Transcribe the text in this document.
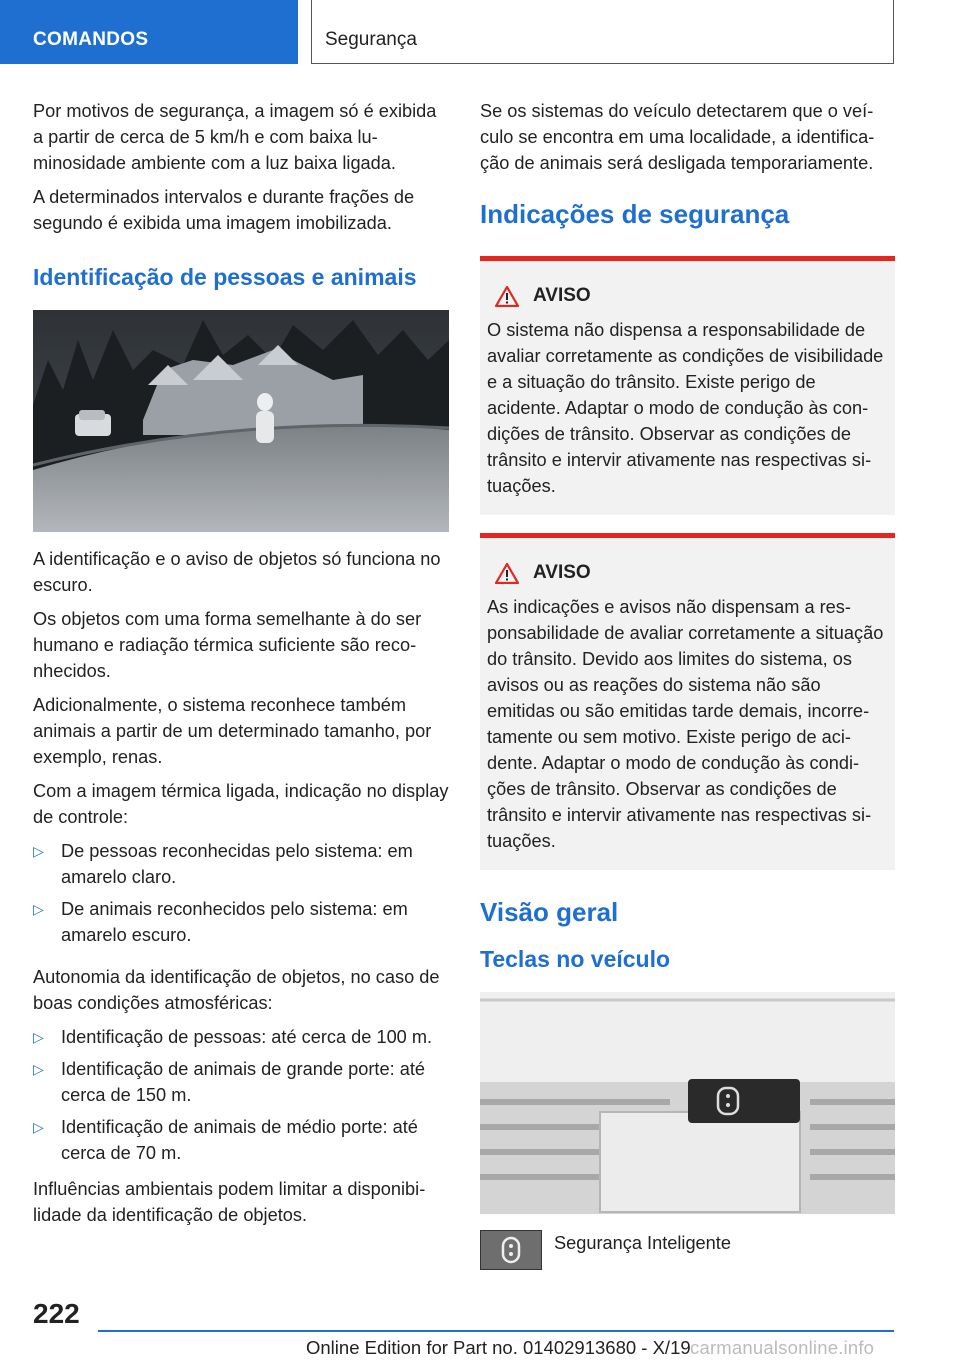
COMANDOS	Segurança

Por motivos de segurança, a imagem só é exibida a partir de cerca de 5 km/h e com baixa luminosidade ambiente com a luz baixa ligada.

A determinados intervalos e durante frações de segundo é exibida uma imagem imobilizada.

Identificação de pessoas e animais

A identificação e o aviso de objetos só funciona no escuro.

Os objetos com uma forma semelhante à do ser humano e radiação térmica suficiente são reconhecidos.

Adicionalmente, o sistema reconhece também animais a partir de um determinado tamanho, por exemplo, renas.

Com a imagem térmica ligada, indicação no display de controle:

▷ De pessoas reconhecidas pelo sistema: em amarelo claro.
▷ De animais reconhecidos pelo sistema: em amarelo escuro.

Autonomia da identificação de objetos, no caso de boas condições atmosféricas:

▷ Identificação de pessoas: até cerca de 100 m.
▷ Identificação de animais de grande porte: até cerca de 150 m.
▷ Identificação de animais de médio porte: até cerca de 70 m.

Influências ambientais podem limitar a disponibilidade da identificação de objetos.

Se os sistemas do veículo detectarem que o veículo se encontra em uma localidade, a identificação de animais será desligada temporariamente.

Indicações de segurança
AVISO

O sistema não dispensa a responsabilidade de avaliar corretamente as condições de visibilidade e a situação do trânsito. Existe perigo de acidente. Adaptar o modo de condução às condições de trânsito. Observar as condições de trânsito e intervir ativamente nas respectivas situações.

AVISO

As indicações e avisos não dispensam a responsabilidade de avaliar corretamente a situação do trânsito. Devido aos limites do sistema, os avisos ou as reações do sistema não são emitidas ou são emitidas tarde demais, incorretamente ou sem motivo. Existe perigo de acidente. Adaptar o modo de condução às condições de trânsito. Observar as condições de trânsito e intervir ativamente nas respectivas situações.

Visão geral
Teclas no veículo
Segurança Inteligente
222
Online Edition for Part no. 01402913680 - X/19 carmanualsonline.info
